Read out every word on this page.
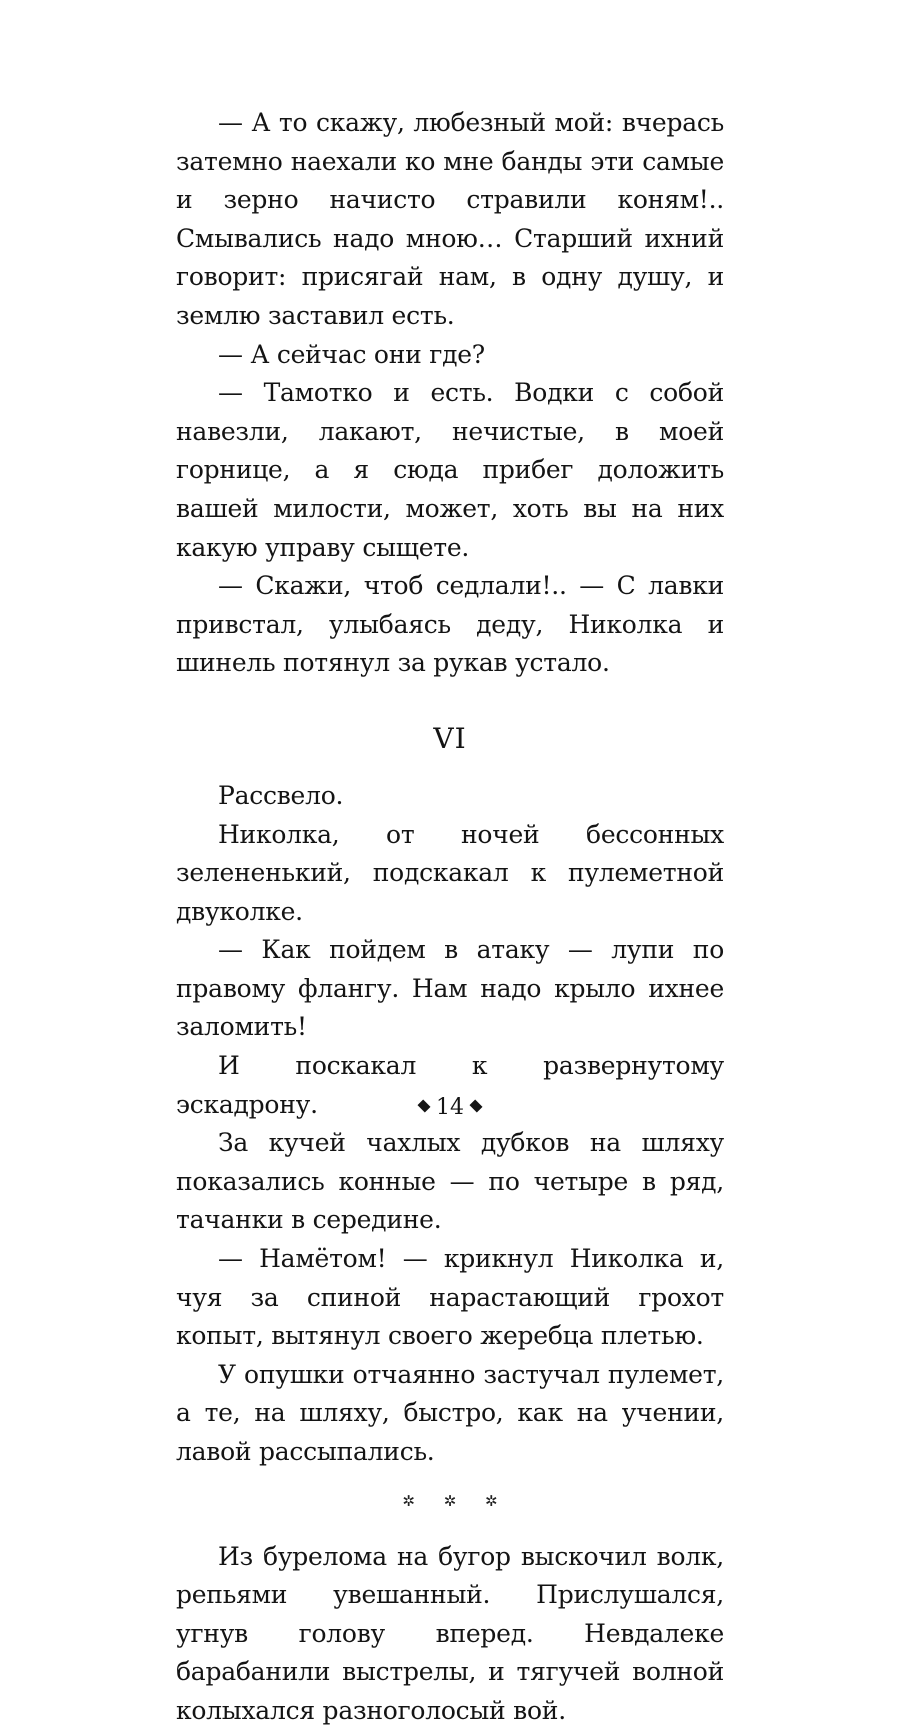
— А то скажу, любезный мой: вчерась затемно наехали ко мне банды эти самые и зерно начисто стравили коням!.. Смывались надо мною… Старший ихний говорит: присягай нам, в одну душу, и землю заставил есть.

— А сейчас они где?

— Тамотко и есть. Водки с собой навезли, лакают, нечистые, в моей горнице, а я сюда прибег доложить вашей милости, может, хоть вы на них какую управу сыщете.

— Скажи, чтоб седлали!.. — С лавки привстал, улыбаясь деду, Николка и шинель потянул за рукав устало.

VI

Рассвело.

Николка, от ночей бессонных зелененький, подскакал к пулеметной двуколке.

— Как пойдем в атаку — лупи по правому флангу. Нам надо крыло ихнее заломить!

И поскакал к развернутому эскадрону.

За кучей чахлых дубков на шляху показались конные — по четыре в ряд, тачанки в середине.

— Намётом! — крикнул Николка и, чуя за спиной нарастающий грохот копыт, вытянул своего жеребца плетью.

У опушки отчаянно застучал пулемет, а те, на шляху, быстро, как на учении, лавой рассыпались.

✲ ✲ ✲

Из бурелома на бугор выскочил волк, репьями увешанный. Прислушался, угнув голову вперед. Невдалеке барабанили выстрелы, и тягучей волной колыхался разноголосый вой.

14
